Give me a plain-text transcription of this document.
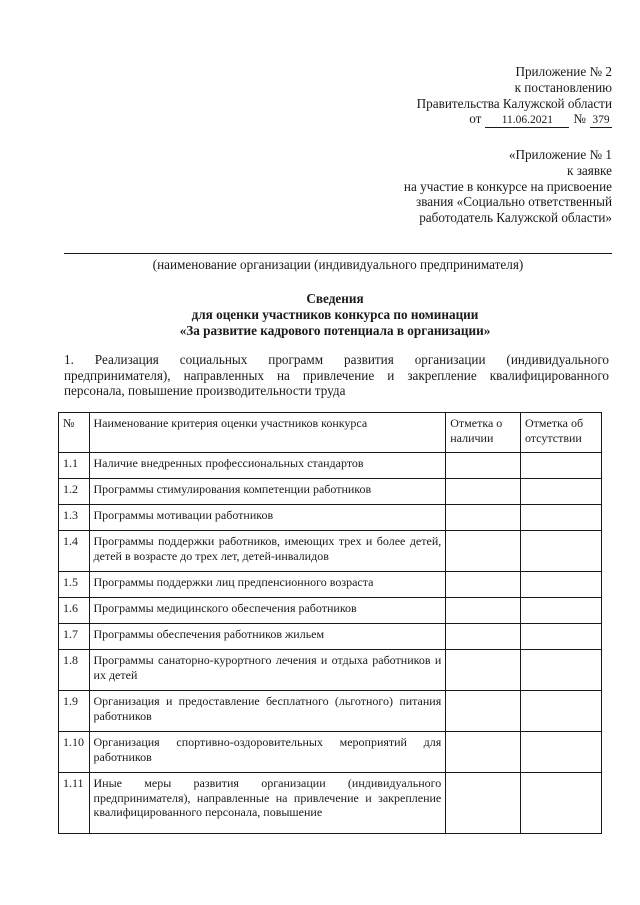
Приложение № 2
к постановлению
Правительства Калужской области
от	11.06.2021	№ 379
«Приложение № 1
к заявке
на участие в конкурсе на присвоение
звания «Социально ответственный
работодатель Калужской области»
(наименование организации (индивидуального предпринимателя)
Сведения
для оценки участников конкурса по номинации
«За развитие кадрового потенциала в организации»
1. Реализация социальных программ развития организации (индивидуального предпринимателя), направленных на привлечение и закрепление квалифицированного персонала, повышение производительности труда
№	Наименование критерия оценки участников конкурса	Отметка о наличии	Отметка об отсутствии
1.1	Наличие внедренных профессиональных стандартов		
1.2	Программы стимулирования компетенции работников		
1.3	Программы мотивации работников		
1.4	Программы поддержки работников, имеющих трех и более детей, детей в возрасте до трех лет, детей-инвалидов		
1.5	Программы поддержки лиц предпенсионного возраста		
1.6	Программы медицинского обеспечения работников		
1.7	Программы обеспечения работников жильем		
1.8	Программы санаторно-курортного лечения и отдыха работников и их детей		
1.9	Организация и предоставление бесплатного (льготного) питания работников		
1.10	Организация спортивно-оздоровительных мероприятий для работников		
1.11	Иные меры развития организации (индивидуального предпринимателя), направленные на привлечение и закрепление квалифицированного персонала, повышение		
